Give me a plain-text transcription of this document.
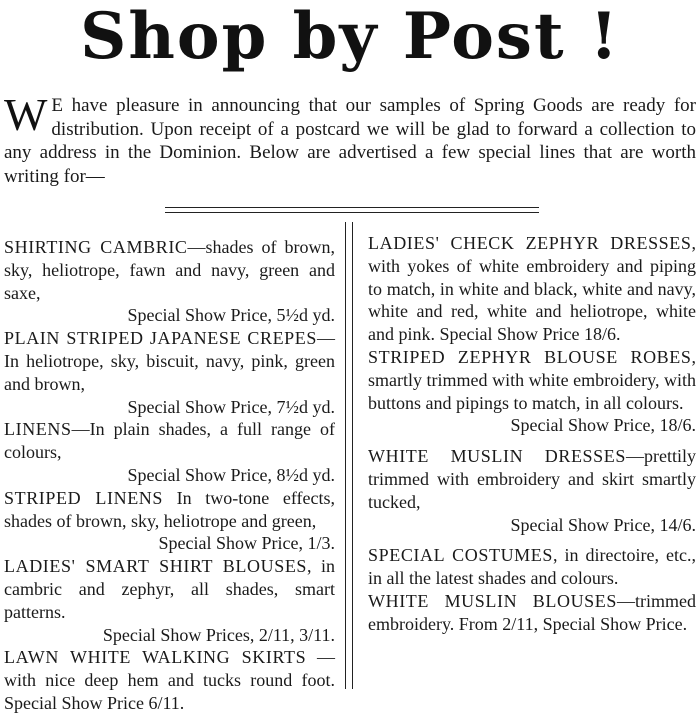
Shop by Post !
W E have pleasure in announcing that our samples of Spring Goods are ready for distribution. Upon receipt of a postcard we will be glad to forward a collection to any address in the Dominion. Below are advertised a few special lines that are worth writing for—

SHIRTING CAMBRIC—shades of brown, sky, heliotrope, fawn and navy, green and saxe,
Special Show Price, 5½d yd.
PLAIN STRIPED JAPANESE CREPES—In heliotrope, sky, biscuit, navy, pink, green and brown,
Special Show Price, 7½d yd.
LINENS—In plain shades, a full range of colours,
Special Show Price, 8½d yd.
STRIPED LINENS In two-tone effects, shades of brown, sky, heliotrope and green,
Special Show Price, 1/3.
LADIES' SMART SHIRT BLOUSES, in cambric and zephyr, all shades, smart patterns.
Special Show Prices, 2/11, 3/11.
LAWN WHITE WALKING SKIRTS —with nice deep hem and tucks round foot. Special Show Price 6/11.
LADIES' CHECK ZEPHYR DRESSES, with yokes of white embroidery and piping to match, in white and black, white and navy, white and red, white and heliotrope, white and pink. Special Show Price 18/6.
STRIPED ZEPHYR BLOUSE ROBES, smartly trimmed with white embroidery, with buttons and pipings to match, in all colours.
Special Show Price, 18/6.
WHITE MUSLIN DRESSES—prettily trimmed with embroidery and skirt smartly tucked,
Special Show Price, 14/6.
SPECIAL COSTUMES, in directoire, etc., in all the latest shades and colours.
WHITE MUSLIN BLOUSES—trimmed embroidery. From 2/11, Special Show Price.
